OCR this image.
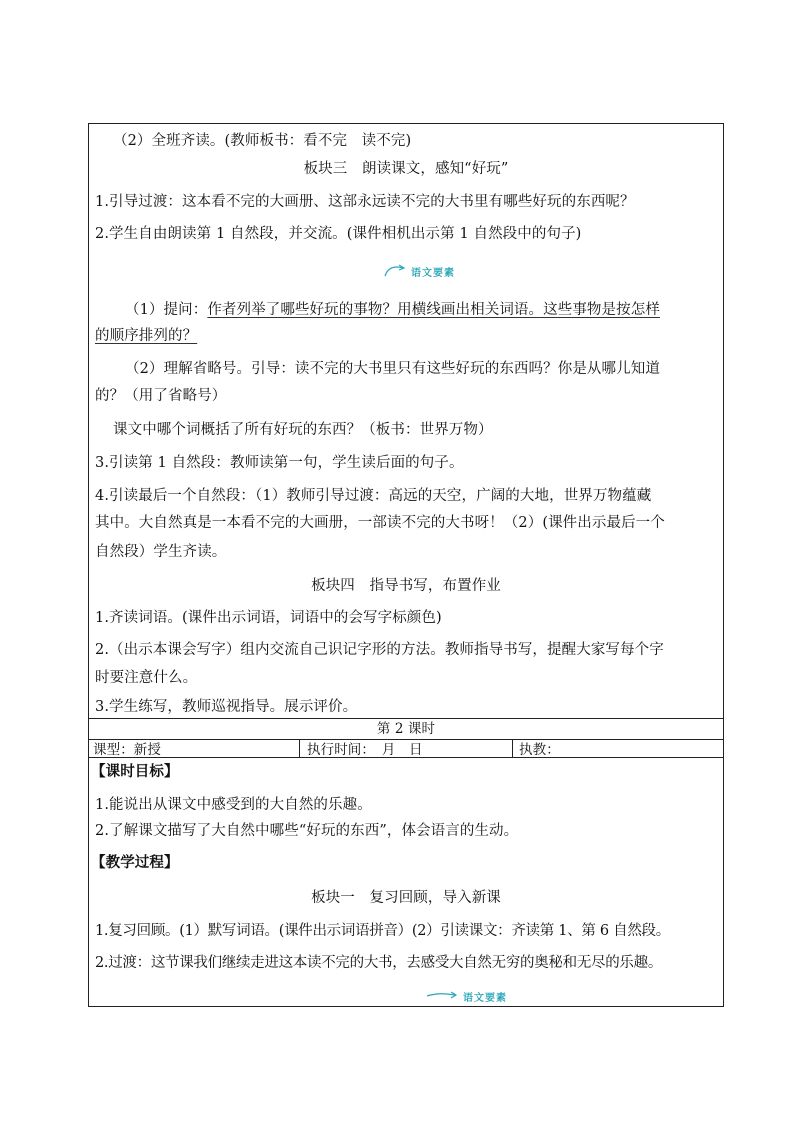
（2）全班齐读。(教师板书：看不完　读不完)
板块三　朗读课文，感知“好玩”
1.引导过渡：这本看不完的大画册、这部永远读不完的大书里有哪些好玩的东西呢？
2.学生自由朗读第 1 自然段，并交流。(课件相机出示第 1 自然段中的句子)
语文要素
（1）提问：作者列举了哪些好玩的事物？用横线画出相关词语。这些事物是按怎样
的顺序排列的？
（2）理解省略号。引导：读不完的大书里只有这些好玩的东西吗？你是从哪儿知道
的？（用了省略号）
课文中哪个词概括了所有好玩的东西？（板书：世界万物）
3.引读第 1 自然段：教师读第一句，学生读后面的句子。
4.引读最后一个自然段：（1）教师引导过渡：高远的天空，广阔的大地，世界万物蕴藏
其中。大自然真是一本看不完的大画册，一部读不完的大书呀！（2）(课件出示最后一个
自然段）学生齐读。
板块四　指导书写，布置作业
1.齐读词语。(课件出示词语，词语中的会写字标颜色)
2.（出示本课会写字）组内交流自己识记字形的方法。教师指导书写，提醒大家写每个字
时要注意什么。
3.学生练写，教师巡视指导。展示评价。
第 2 课时
课型：新授	执行时间：　月　日	执教：
【课时目标】
1.能说出从课文中感受到的大自然的乐趣。
2.了解课文描写了大自然中哪些“好玩的东西”，体会语言的生动。
【教学过程】
板块一　复习回顾，导入新课
1.复习回顾。(1）默写词语。(课件出示词语拼音）(2）引读课文：齐读第 1、第 6 自然段。
2.过渡：这节课我们继续走进这本读不完的大书，去感受大自然无穷的奥秘和无尽的乐趣。
语文要素
